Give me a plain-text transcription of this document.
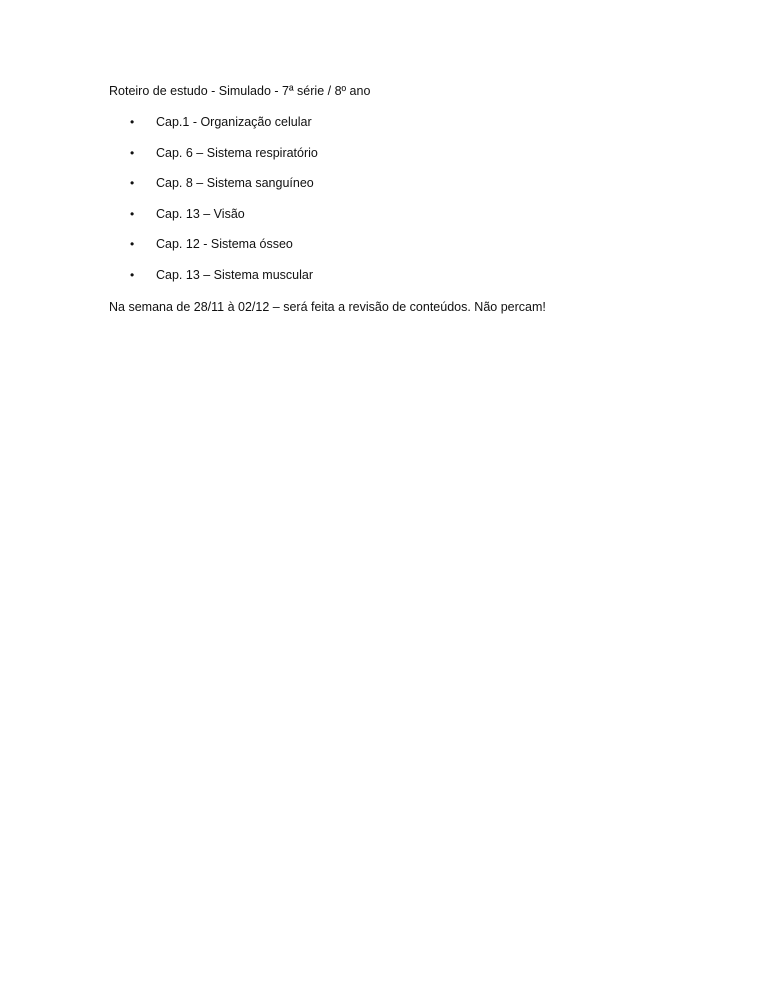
Roteiro de estudo - Simulado - 7ª série / 8º ano
• Cap.1 - Organização celular
• Cap. 6 – Sistema respiratório
• Cap. 8 – Sistema sanguíneo
• Cap. 13 – Visão
• Cap. 12 - Sistema ósseo
• Cap. 13 – Sistema muscular
Na semana de 28/11 à 02/12 – será feita a revisão de conteúdos. Não percam!
